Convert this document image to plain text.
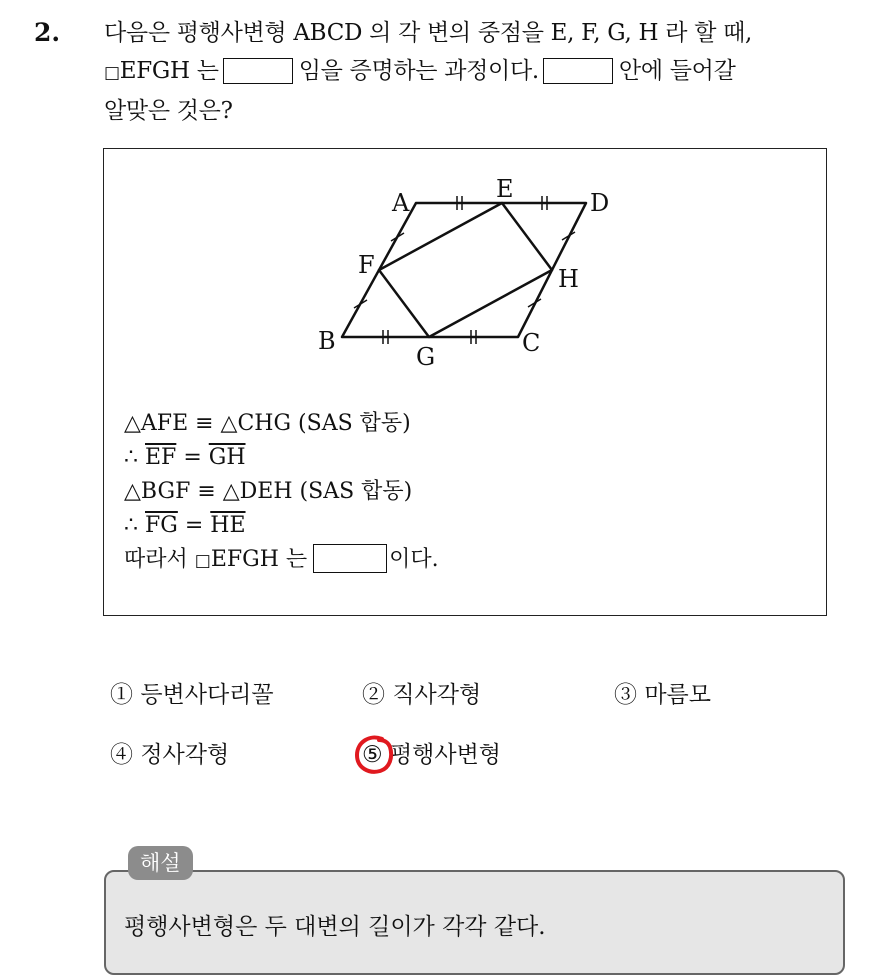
2. 다음은 평행사변형 ABCD 의 각 변의 중점을 E, F, G, H 라 할 때,
□EFGH 는	임을 증명하는 과정이다.	안에 들어갈
알맞은 것은?
A	E	D
F	H
B
G	C
△AFE ≡ △CHG (SAS 합동)
∴ $\overline{EF} = \overline{GH}$
△BGF ≡ △DEH (SAS 합동)
∴ $\overline{FG} = \overline{HE}$
따라서 □EFGH 는	이다.
① 등변사다리꼴	② 직사각형	③ 마름모
④ 정사각형	⑤ 평행사변형
평행사변형은 두 대변의 길이가 각각 같다.
해설
